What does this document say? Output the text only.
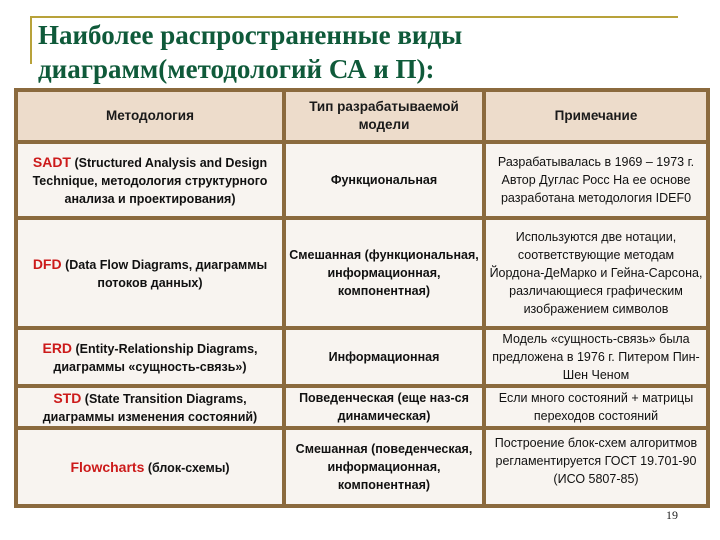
Наиболее распространенные виды диаграмм(методологий СА и П):
Методология	Тип разрабатываемой модели	Примечание
SADT (Structured Analysis and Design Technique, методология структурного анализа и проектирования)	Функциональная	Разрабатывалась в 1969 – 1973 г. Автор Дуглас Росс На ее основе разработана методология IDEF0
DFD (Data Flow Diagrams, диаграммы потоков данных)	Смешанная (функциональная, информационная, компонентная)	Используются две нотации, соответствующие методам Йордона-ДеМарко и Гейна-Сарсона, различающиеся графическим изображением символов
ERD (Entity-Relationship Diagrams, диаграммы «сущность-связь»)	Информационная	Модель «сущность-связь» была предложена в 1976 г. Питером Пин-Шен Ченом
STD (State Transition Diagrams, диаграммы изменения состояний)	Поведенческая (еще наз-ся динамическая)	Если много состояний + матрицы переходов состояний
Flowcharts (блок-схемы)	Смешанная (поведенческая, информационная, компонентная)	Построение блок-схем алгоритмов регламентируется ГОСТ 19.701-90 (ИСО 5807-85)
19
